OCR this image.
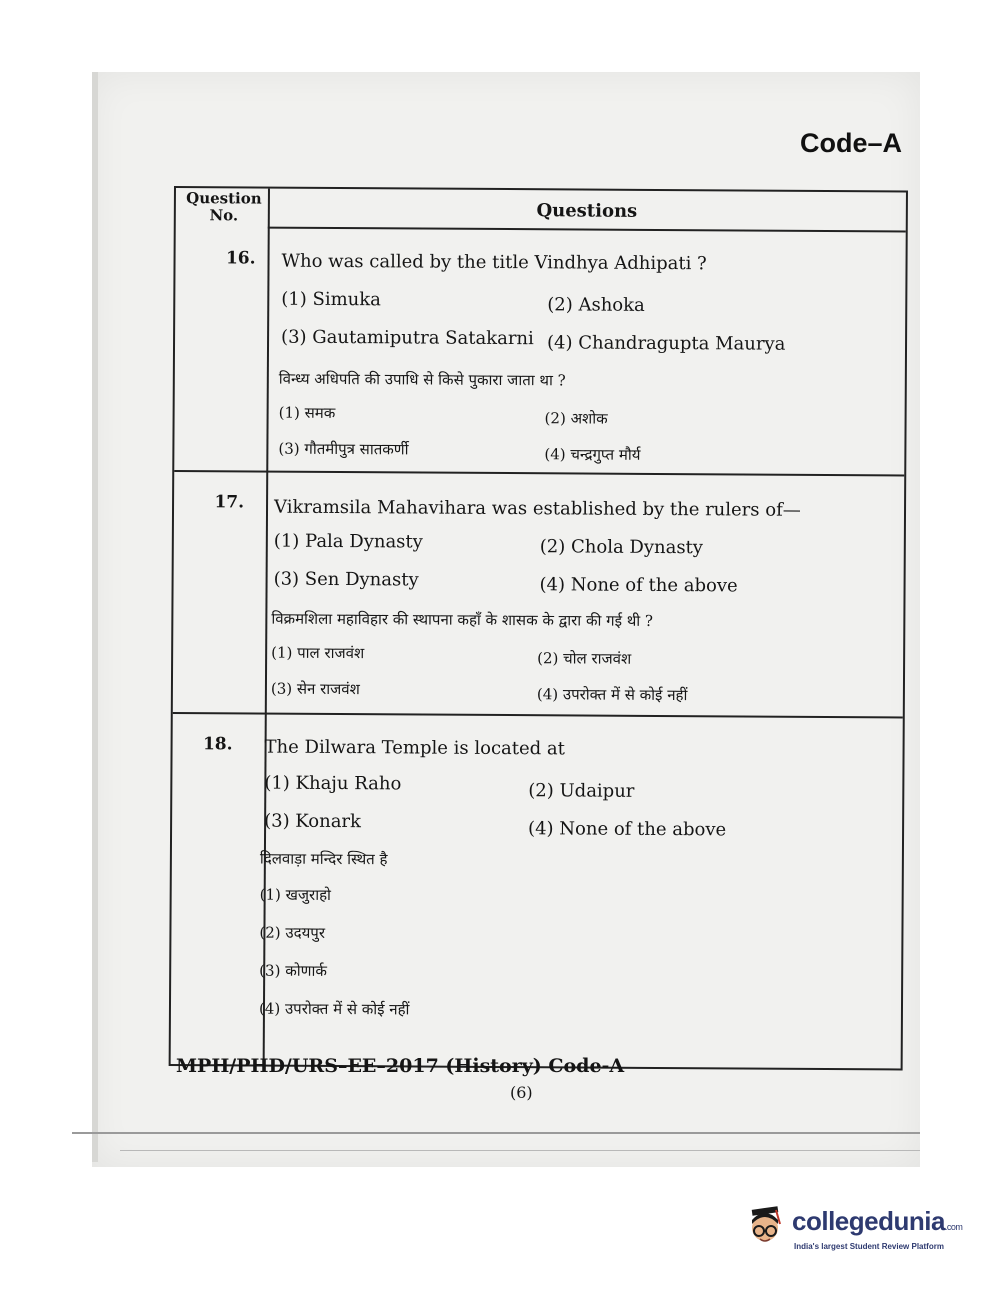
Code–A
Question No.	Questions
16. Who was called by the title Vindhya Adhipati ?
(1) Simuka	(2) Ashoka
(3) Gautamiputra Satakarni (4) Chandragupta Maurya
विन्ध्य अधिपति की उपाधि से किसे पुकारा जाता था ?
(1) समक	(2) अशोक
(3) गौतमीपुत्र सातकर्णी	(4) चन्द्रगुप्त मौर्य
17. Vikramsila Mahavihara was established by the rulers of—
(1) Pala Dynasty	(2) Chola Dynasty
(3) Sen Dynasty	(4) None of the above
विक्रमशिला महाविहार की स्थापना कहाँ के शासक के द्वारा की गई थी ?
(1) पाल राजवंश	(2) चोल राजवंश
(3) सेन राजवंश	(4) उपरोक्त में से कोई नहीं
18. The Dilwara Temple is located at
(1) Khaju Raho	(2) Udaipur
(3) Konark	(4) None of the above
दिलवाड़ा मन्दिर स्थित है
(1) खजुराहो
(2) उदयपुर
(3) कोणार्क
(4) उपरोक्त में से कोई नहीं
MPH/PHD/URS–EE–2017 (History) Code-A
(6)
collegedunia.com
India's largest Student Review Platform
